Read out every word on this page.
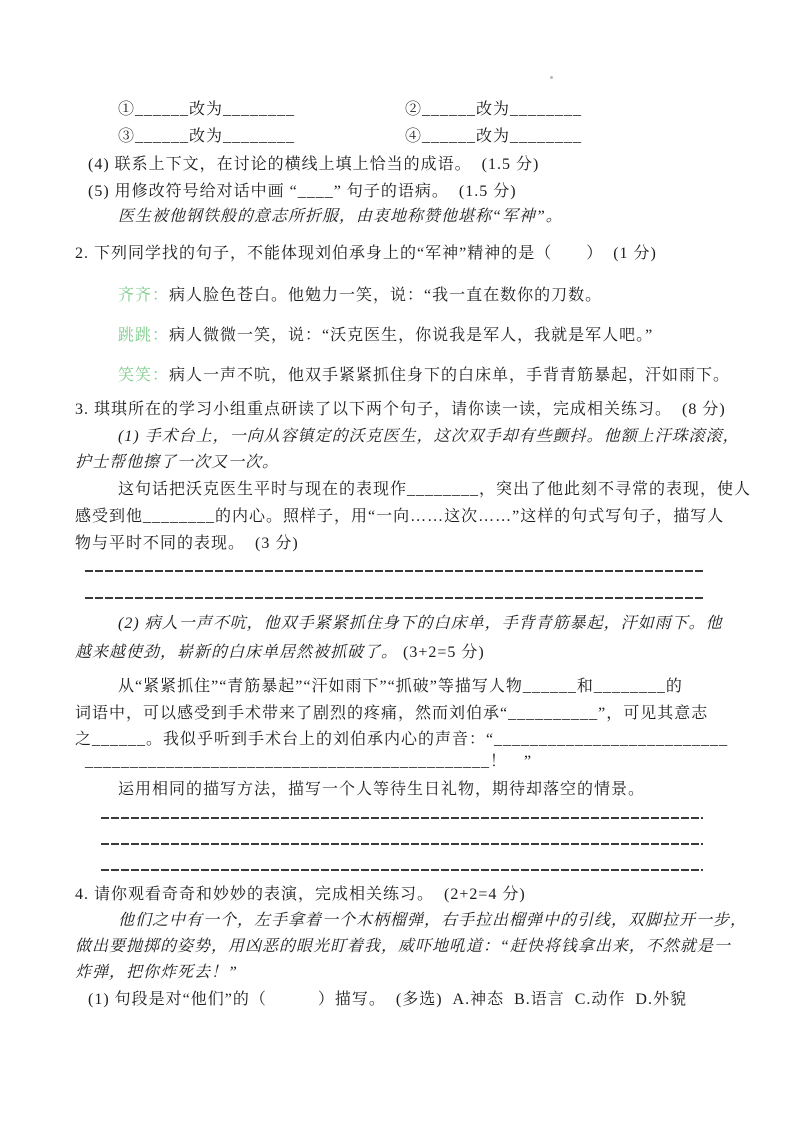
①______改为________	②______改为________
③______改为________	④______改为________
(4) 联系上下文，在讨论的横线上填上恰当的成语。  (1.5 分)
(5) 用修改符号给对话中画 “____” 句子的语病。  (1.5 分)
医生被他钢铁般的意志所折服，由衷地称赞他堪称“军神”。
2. 下列同学找的句子，不能体现刘伯承身上的“军神”精神的是（　　）  (1 分)
齐齐：病人脸色苍白。他勉力一笑，说：“我一直在数你的刀数。
跳跳：病人微微一笑，说：“沃克医生，你说我是军人，我就是军人吧。”
笑笑：病人一声不吭，他双手紧紧抓住身下的白床单，手背青筋暴起，汗如雨下。
3. 琪琪所在的学习小组重点研读了以下两个句子，请你读一读，完成相关练习。  (8 分)
(1) 手术台上，一向从容镇定的沃克医生，这次双手却有些颤抖。他额上汗珠滚滚，
护士帮他擦了一次又一次。
这句话把沃克医生平时与现在的表现作________，突出了他此刻不寻常的表现，使人
感受到他________的内心。照样子，用“一向……这次……”这样的句式写句子，描写人
物与平时不同的表现。  (3 分)
(2) 病人一声不吭，他双手紧紧抓住身下的白床单，手背青筋暴起，汗如雨下。他
越来越使劲，崭新的白床单居然被抓破了。 (3+2=5 分)
从“紧紧抓住”“青筋暴起”“汗如雨下”“抓破”等描写人物______和________的
词语中，可以感受到手术带来了剧烈的疼痛，然而刘伯承“__________”，可见其意志
之______。我似乎听到手术台上的刘伯承内心的声音：“__________________________
_____________________________________________！　”
运用相同的描写方法，描写一个人等待生日礼物，期待却落空的情景。
4. 请你观看奇奇和妙妙的表演，完成相关练习。  (2+2=4 分)
他们之中有一个，左手拿着一个木柄榴弹，右手拉出榴弹中的引线，双脚拉开一步，
做出要抛掷的姿势，用凶恶的眼光盯着我，威吓地吼道：“赶快将钱拿出来，不然就是一
炸弹，把你炸死去！”
(1) 句段是对“他们”的（　　　）描写。  (多选)  A.神态  B.语言  C.动作  D.外貌
